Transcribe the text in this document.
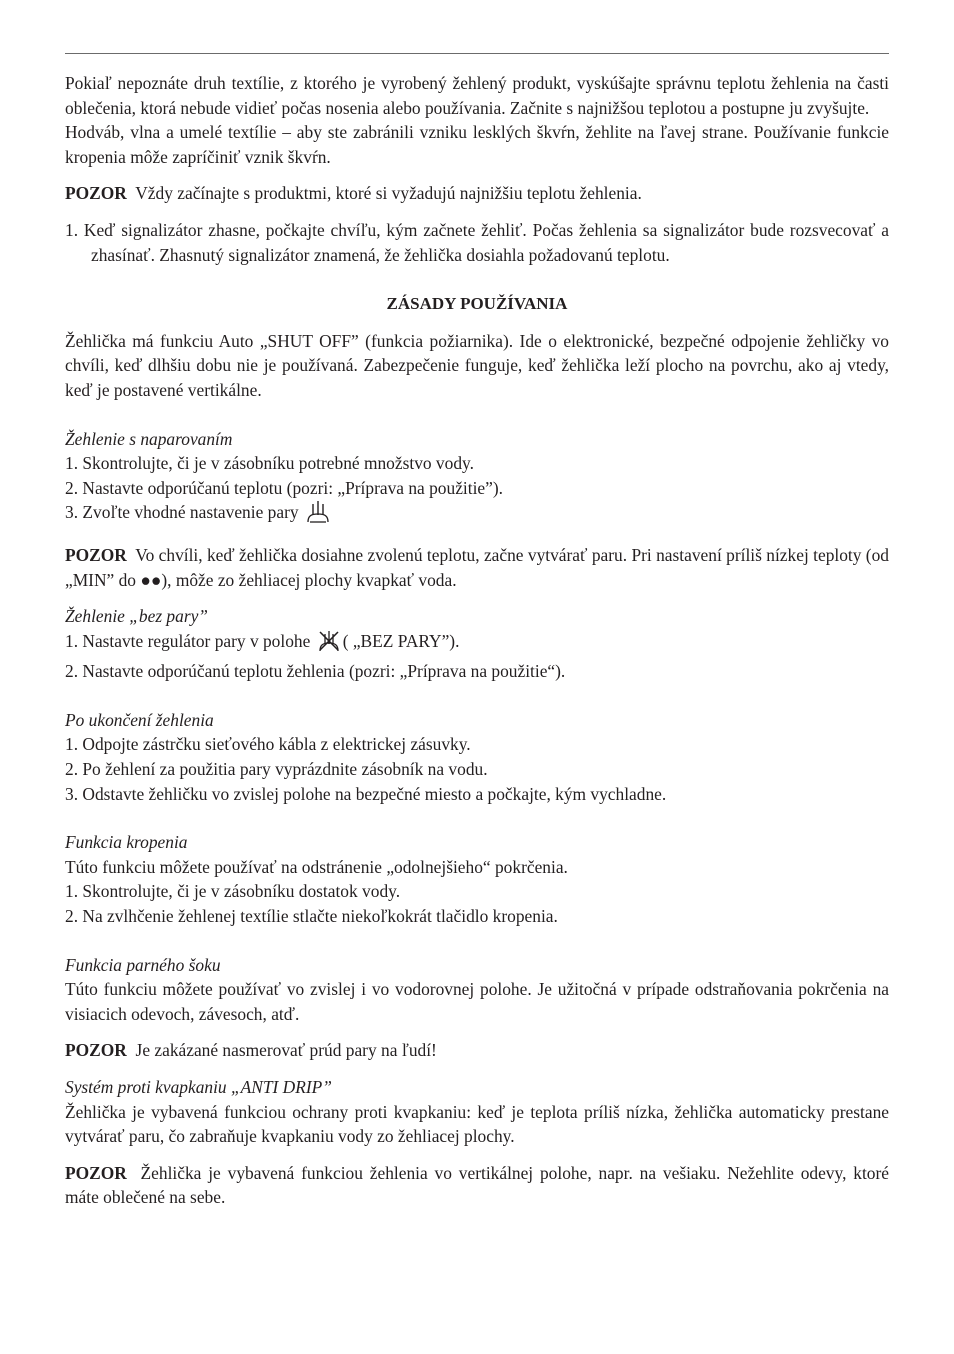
Pokiaľ nepoznáte druh textílie, z ktorého je vyrobený žehlený produkt, vyskúšajte správnu teplotu žehlenia na časti oblečenia, ktorá nebude vidieť počas nosenia alebo používania. Začnite s najnižšou teplotou a postupne ju zvyšujte.

Hodváb, vlna a umelé textílie – aby ste zabránili vzniku lesklých škvŕn, žehlite na ľavej strane. Používanie funkcie kropenia môže zapríčiniť vznik škvŕn.

POZOR Vždy začínajte s produktmi, ktoré si vyžadujú najnižšiu teplotu žehlenia.

1. Keď signalizátor zhasne, počkajte chvíľu, kým začnete žehliť. Počas žehlenia sa signalizátor bude rozsvecovať a zhasínať. Zhasnutý signalizátor znamená, že žehlička dosiahla požadovanú teplotu.

ZÁSADY POUŽÍVANIA

Žehlička má funkciu Auto „SHUT OFF” (funkcia požiarnika). Ide o elektronické, bezpečné odpojenie žehličky vo chvíli, keď dlhšiu dobu nie je používaná. Zabezpečenie funguje, keď žehlička leží plocho na povrchu, ako aj vtedy, keď je postavené vertikálne.

Žehlenie s naparovaním

1. Skontrolujte, či je v zásobníku potrebné množstvo vody.

2. Nastavte odporúčanú teplotu (pozri: „Príprava na použitie”).

3. Zvoľte vhodné nastavenie pary

POZOR Vo chvíli, keď žehlička dosiahne zvolenú teplotu, začne vytvárať paru. Pri nastavení príliš nízkej teploty (od „MIN” do ●●), môže zo žehliacej plochy kvapkať voda.

Žehlenie „bez pary”

1. Nastavte regulátor pary v polohe ( „BEZ PARY”).

2. Nastavte odporúčanú teplotu žehlenia (pozri: „Príprava na použitie“).

Po ukončení žehlenia

1. Odpojte zástrčku sieťového kábla z elektrickej zásuvky.

2. Po žehlení za použitia pary vyprázdnite zásobník na vodu.

3. Odstavte žehličku vo zvislej polohe na bezpečné miesto a počkajte, kým vychladne.

Funkcia kropenia

Túto funkciu môžete používať na odstránenie „odolnejšieho“ pokrčenia.

1. Skontrolujte, či je v zásobníku dostatok vody.

2. Na zvlhčenie žehlenej textílie stlačte niekoľkokrát tlačidlo kropenia.

Funkcia parného šoku

Túto funkciu môžete používať vo zvislej i vo vodorovnej polohe. Je užitočná v prípade odstraňovania pokrčenia na visiacich odevoch, závesoch, atď.

POZOR Je zakázané nasmerovať prúd pary na ľudí!

Systém proti kvapkaniu „ANTI DRIP”

Žehlička je vybavená funkciou ochrany proti kvapkaniu: keď je teplota príliš nízka, žehlička automaticky prestane vytvárať paru, čo zabraňuje kvapkaniu vody zo žehliacej plochy.

POZOR Žehlička je vybavená funkciou žehlenia vo vertikálnej polohe, napr. na vešiaku. Nežehlite odevy, ktoré máte oblečené na sebe.
